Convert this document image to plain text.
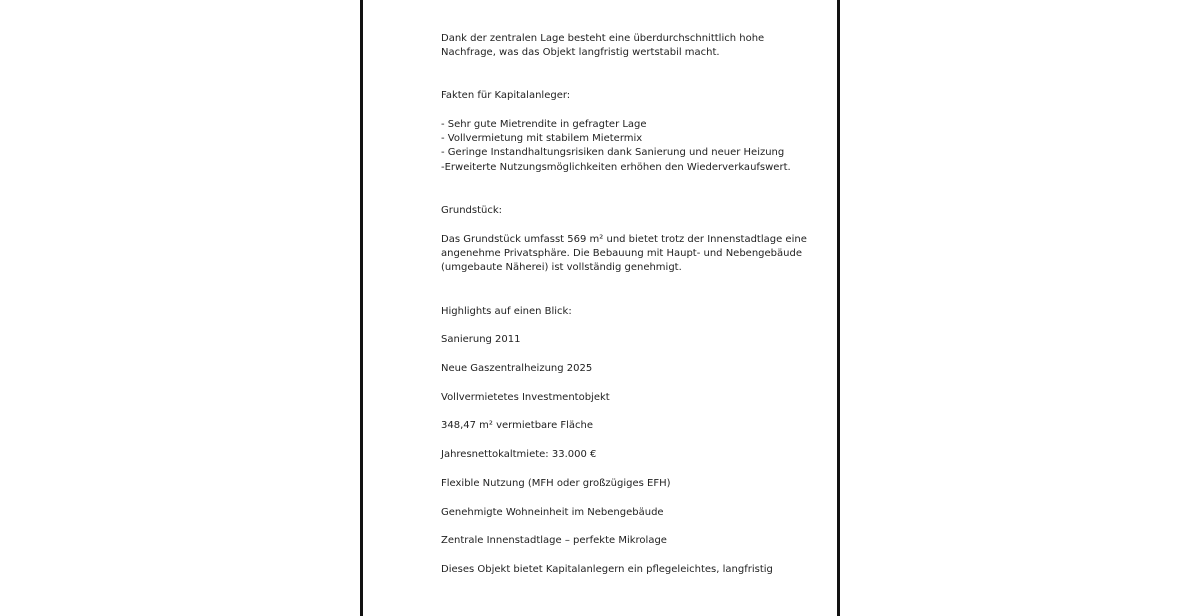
Dank der zentralen Lage besteht eine überdurchschnittlich hohe
Nachfrage, was das Objekt langfristig wertstabil macht.
Fakten für Kapitalanleger:
- Sehr gute Mietrendite in gefragter Lage
- Vollvermietung mit stabilem Mietermix
- Geringe Instandhaltungsrisiken dank Sanierung und neuer Heizung
-Erweiterte Nutzungsmöglichkeiten erhöhen den Wiederverkaufswert.
Grundstück:
Das Grundstück umfasst 569 m² und bietet trotz der Innenstadtlage eine
angenehme Privatsphäre. Die Bebauung mit Haupt- und Nebengebäude
(umgebaute Näherei) ist vollständig genehmigt.
Highlights auf einen Blick:
Sanierung 2011
Neue Gaszentralheizung 2025
Vollvermietetes Investmentobjekt
348,47 m² vermietbare Fläche
Jahresnettokaltmiete: 33.000 €
Flexible Nutzung (MFH oder großzügiges EFH)
Genehmigte Wohneinheit im Nebengebäude
Zentrale Innenstadtlage – perfekte Mikrolage
Dieses Objekt bietet Kapitalanlegern ein pflegeleichtes, langfristig
